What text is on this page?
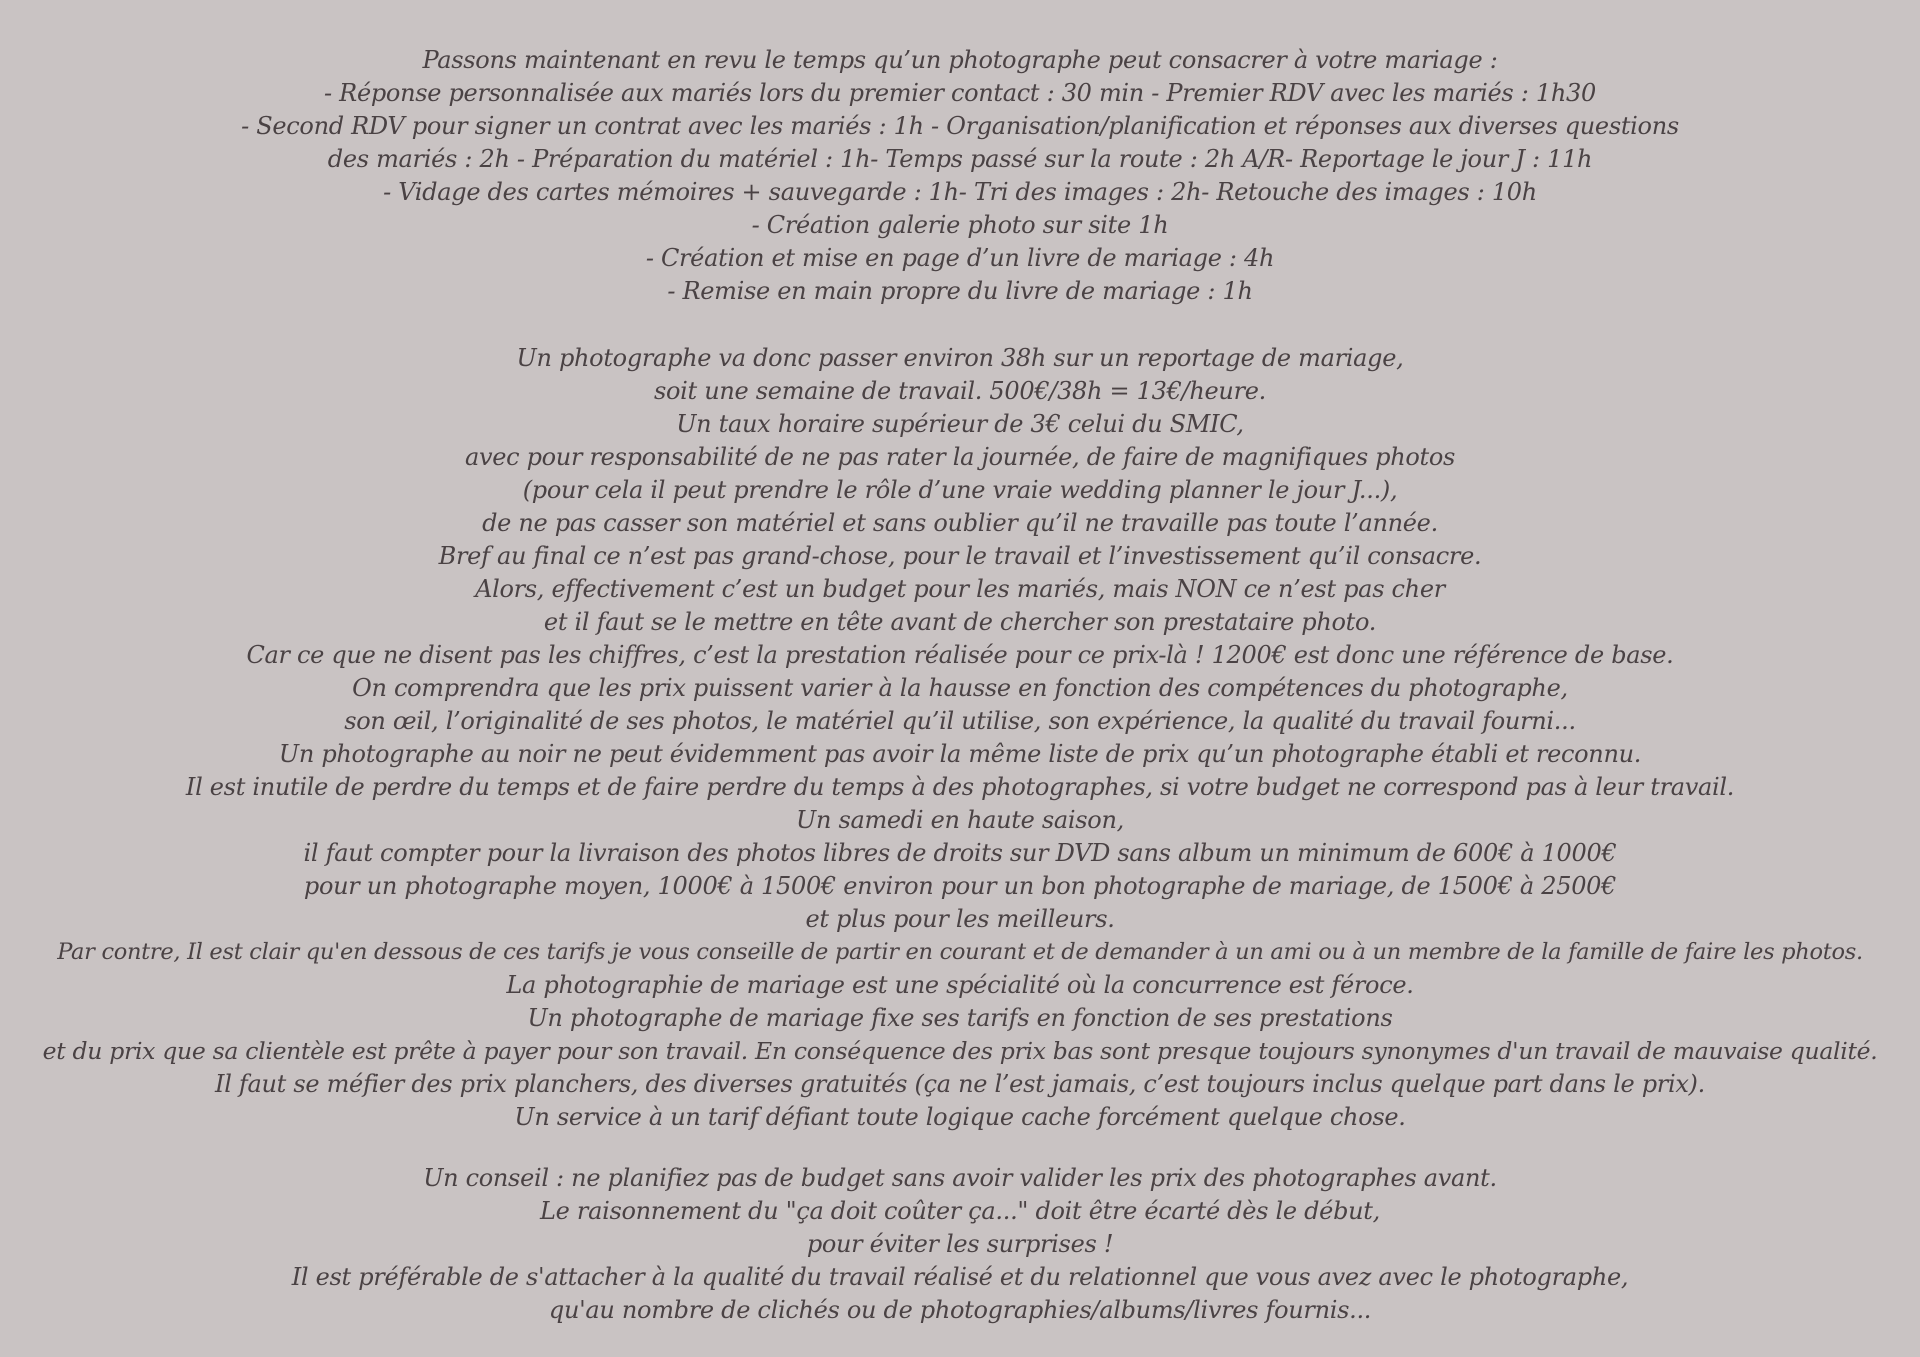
Passons maintenant en revu le temps qu’un photographe peut consacrer à votre mariage :
- Réponse personnalisée aux mariés lors du premier contact : 30 min - Premier RDV avec les mariés : 1h30
- Second RDV pour signer un contrat avec les mariés : 1h - Organisation/planification et réponses aux diverses questions
des mariés : 2h - Préparation du matériel : 1h- Temps passé sur la route : 2h A/R- Reportage le jour J : 11h
- Vidage des cartes mémoires + sauvegarde : 1h- Tri des images : 2h- Retouche des images : 10h
- Création galerie photo sur site 1h
- Création et mise en page d’un livre de mariage : 4h
- Remise en main propre du livre de mariage : 1h
Un photographe va donc passer environ 38h sur un reportage de mariage,
soit une semaine de travail. 500€/38h = 13€/heure.
Un taux horaire supérieur de 3€ celui du SMIC,
avec pour responsabilité de ne pas rater la journée, de faire de magnifiques photos
(pour cela il peut prendre le rôle d’une vraie wedding planner le jour J...),
de ne pas casser son matériel et sans oublier qu’il ne travaille pas toute l’année.
Bref au final ce n’est pas grand-chose, pour le travail et l’investissement qu’il consacre.
Alors, effectivement c’est un budget pour les mariés, mais NON ce n’est pas cher
et il faut se le mettre en tête avant de chercher son prestataire photo.
Car ce que ne disent pas les chiffres, c’est la prestation réalisée pour ce prix-là ! 1200€ est donc une référence de base.
On comprendra que les prix puissent varier à la hausse en fonction des compétences du photographe,
son œil, l’originalité de ses photos, le matériel qu’il utilise, son expérience, la qualité du travail fourni...
Un photographe au noir ne peut évidemment pas avoir la même liste de prix qu’un photographe établi et reconnu.
Il est inutile de perdre du temps et de faire perdre du temps à des photographes, si votre budget ne correspond pas à leur travail.
Un samedi en haute saison,
il faut compter pour la livraison des photos libres de droits sur DVD sans album un minimum de 600€ à 1000€
pour un photographe moyen, 1000€ à 1500€ environ pour un bon photographe de mariage, de 1500€ à 2500€
et plus pour les meilleurs.
Par contre, Il est clair qu'en dessous de ces tarifs je vous conseille de partir en courant et de demander à un ami ou à un membre de la famille de faire les photos.
La photographie de mariage est une spécialité où la concurrence est féroce.
Un photographe de mariage fixe ses tarifs en fonction de ses prestations
et du prix que sa clientèle est prête à payer pour son travail. En conséquence des prix bas sont presque toujours synonymes d'un travail de mauvaise qualité.
Il faut se méfier des prix planchers, des diverses gratuités (ça ne l’est jamais, c’est toujours inclus quelque part dans le prix).
Un service à un tarif défiant toute logique cache forcément quelque chose.
Un conseil : ne planifiez pas de budget sans avoir valider les prix des photographes avant.
Le raisonnement du "ça doit coûter ça..." doit être écarté dès le début,
pour éviter les surprises !
Il est préférable de s'attacher à la qualité du travail réalisé et du relationnel que vous avez avec le photographe,
qu'au nombre de clichés ou de photographies/albums/livres fournis...
